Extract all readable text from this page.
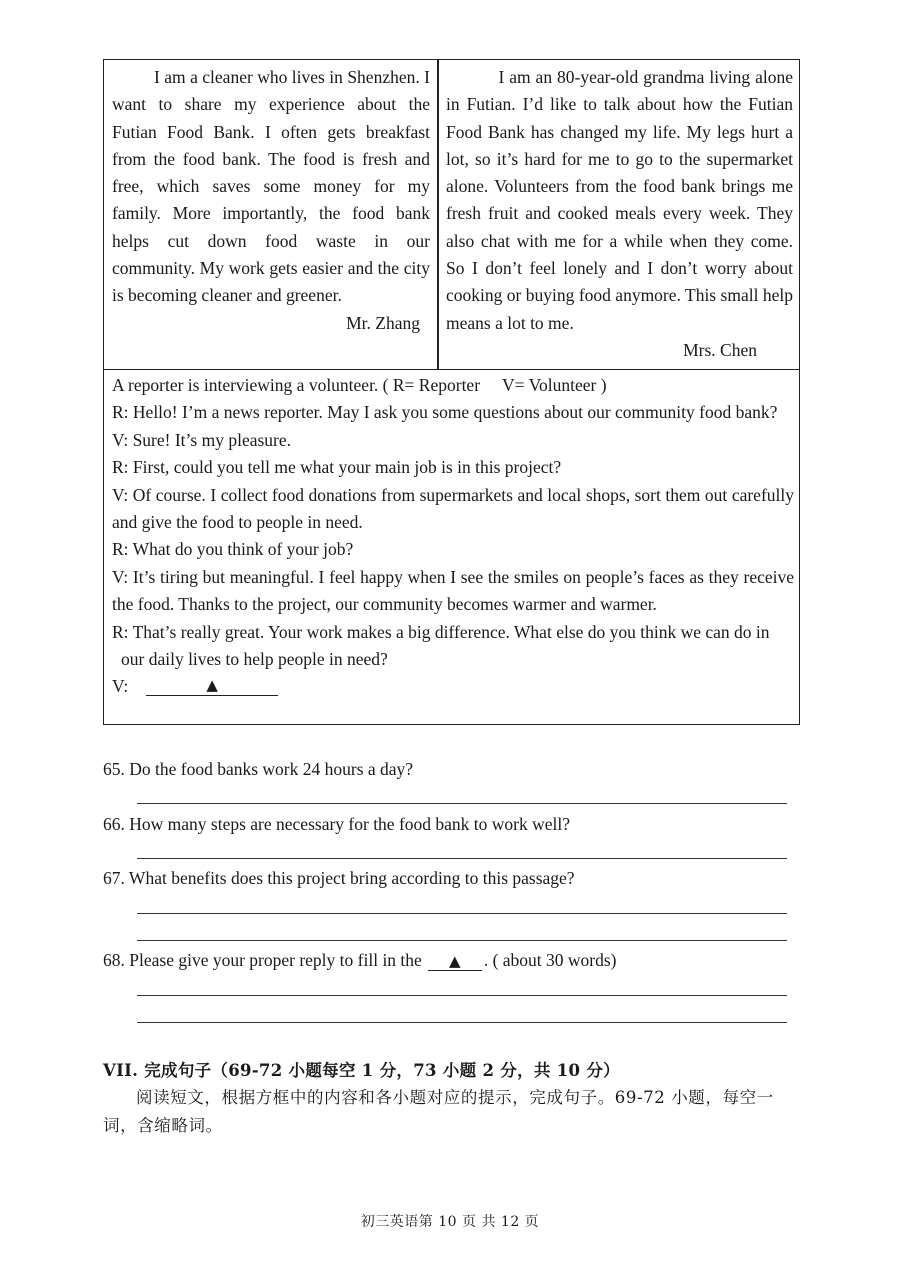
I am a cleaner who lives in Shenzhen. I want to share my experience about the Futian Food Bank. I often gets breakfast from the food bank. The food is fresh and free, which saves some money for my family. More importantly, the food bank helps cut down food waste in our community. My work gets easier and the city is becoming cleaner and greener.

Mr. Zhang

I am an 80-year-old grandma living alone in Futian. I’d like to talk about how the Futian Food Bank has changed my life. My legs hurt a lot, so it’s hard for me to go to the supermarket alone. Volunteers from the food bank brings me fresh fruit and cooked meals every week. They also chat with me for a while when they come. So I don’t feel lonely and I don’t worry about cooking or buying food anymore. This small help means a lot to me.

Mrs. Chen
A reporter is interviewing a volunteer. ( R= Reporter V= Volunteer )
R: Hello! I’m a news reporter. May I ask you some questions about our community food bank?
V: Sure! It’s my pleasure.
R: First, could you tell me what your main job is in this project?
V: Of course. I collect food donations from supermarkets and local shops, sort them out carefully and give the food to people in need.
R: What do you think of your job?
V: It’s tiring but meaningful. I feel happy when I see the smiles on people’s faces as they receive the food. Thanks to the project, our community becomes warmer and warmer.
R: That’s really great. Your work makes a big difference. What else do you think we can do in
our daily lives to help people in need?
V:	▲
65. Do the food banks work 24 hours a day?
66. How many steps are necessary for the food bank to work well?
67. What benefits does this project bring according to this passage?
68. Please give your proper reply to fill in the ▲ . ( about 30 words)
VII. 完成句子（69-72 小题每空 1 分，73 小题 2 分，共 10 分）
阅读短文，根据方框中的内容和各小题对应的提示，完成句子。69-72 小题，每空一词，含缩略词。
初三英语第 10 页 共 12 页
